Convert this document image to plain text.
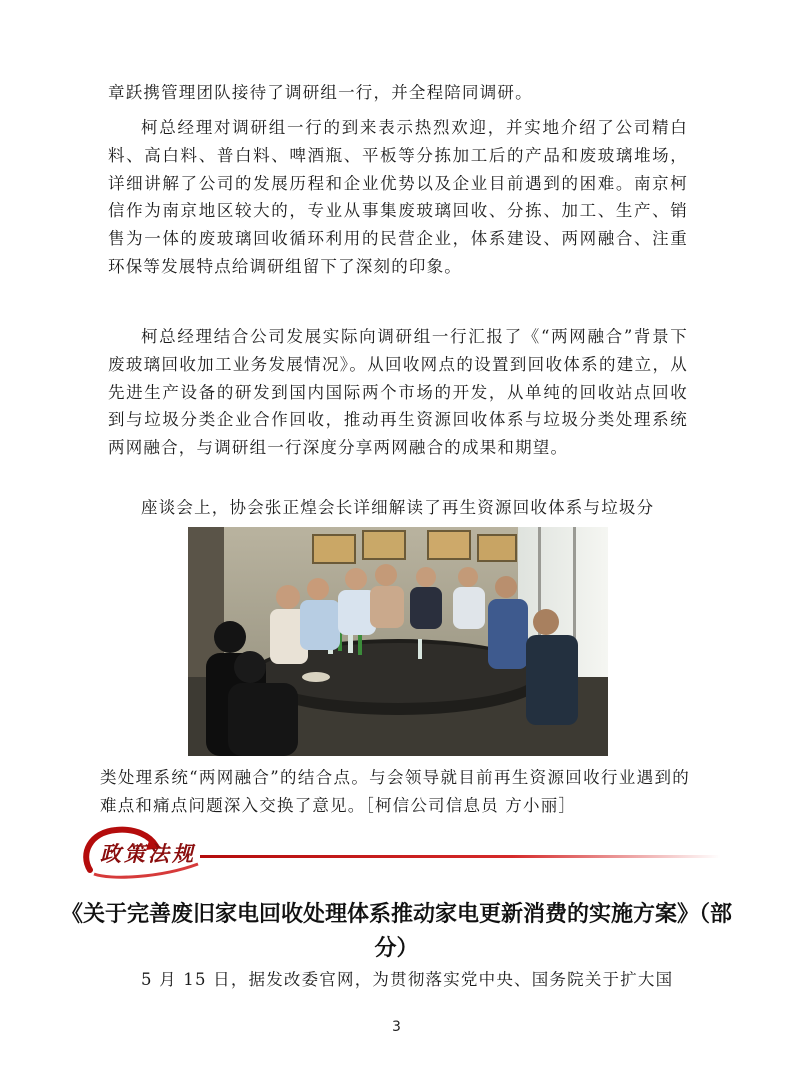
章跃携管理团队接待了调研组一行，并全程陪同调研。

柯总经理对调研组一行的到来表示热烈欢迎，并实地介绍了公司精白料、高白料、普白料、啤酒瓶、平板等分拣加工后的产品和废玻璃堆场，详细讲解了公司的发展历程和企业优势以及企业目前遇到的困难。南京柯信作为南京地区较大的，专业从事集废玻璃回收、分拣、加工、生产、销售为一体的废玻璃回收循环利用的民营企业，体系建设、两网融合、注重环保等发展特点给调研组留下了深刻的印象。

柯总经理结合公司发展实际向调研组一行汇报了《“两网融合”背景下废玻璃回收加工业务发展情况》。从回收网点的设置到回收体系的建立，从先进生产设备的研发到国内国际两个市场的开发，从单纯的回收站点回收到与垃圾分类企业合作回收，推动再生资源回收体系与垃圾分类处理系统两网融合，与调研组一行深度分享两网融合的成果和期望。

座谈会上，协会张正煌会长详细解读了再生资源回收体系与垃圾分

类处理系统“两网融合”的结合点。与会领导就目前再生资源回收行业遇到的难点和痛点问题深入交换了意见。［柯信公司信息员 方小丽］

政策法规
《关于完善废旧家电回收处理体系推动家电更新消费的实施方案》（部分）

5 月 15 日，据发改委官网，为贯彻落实党中央、国务院关于扩大国

3
